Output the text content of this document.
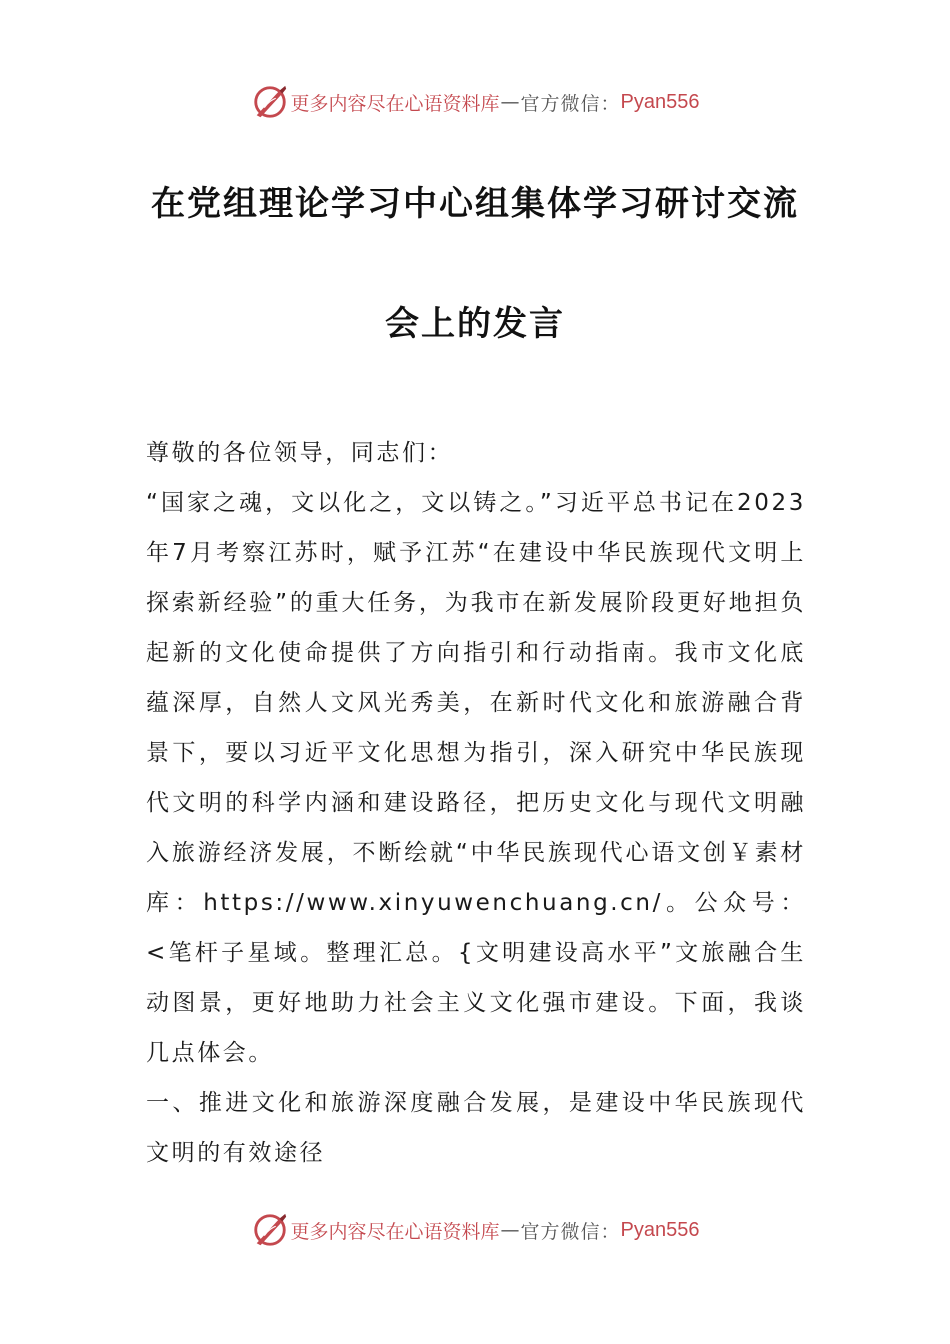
更多内容尽在心语资料库 — 官方微信： Pyan556
在党组理论学习中心组集体学习研讨交流
会上的发言

尊敬的各位领导，同志们：

“国家之魂，文以化之，文以铸之。”习近平总书记在2023年7月考察江苏时，赋予江苏“在建设中华民族现代文明上探索新经验”的重大任务，为我市在新发展阶段更好地担负起新的文化使命提供了方向指引和行动指南。我市文化底蕴深厚，自然人文风光秀美，在新时代文化和旅游融合背景下，要以习近平文化思想为指引，深入研究中华民族现代文明的科学内涵和建设路径，把历史文化与现代文明融入旅游经济发展，不断绘就“中华民族现代心语文创￥素材库：https://www.xinyuwenchuang.cn/。公众号：<笔杆子星域。整理汇总。{文明建设高水平”文旅融合生动图景，更好地助力社会主义文化强市建设。下面，我谈几点体会。

一、推进文化和旅游深度融合发展，是建设中华民族现代文明的有效途径

更多内容尽在心语资料库 — 官方微信： Pyan556
